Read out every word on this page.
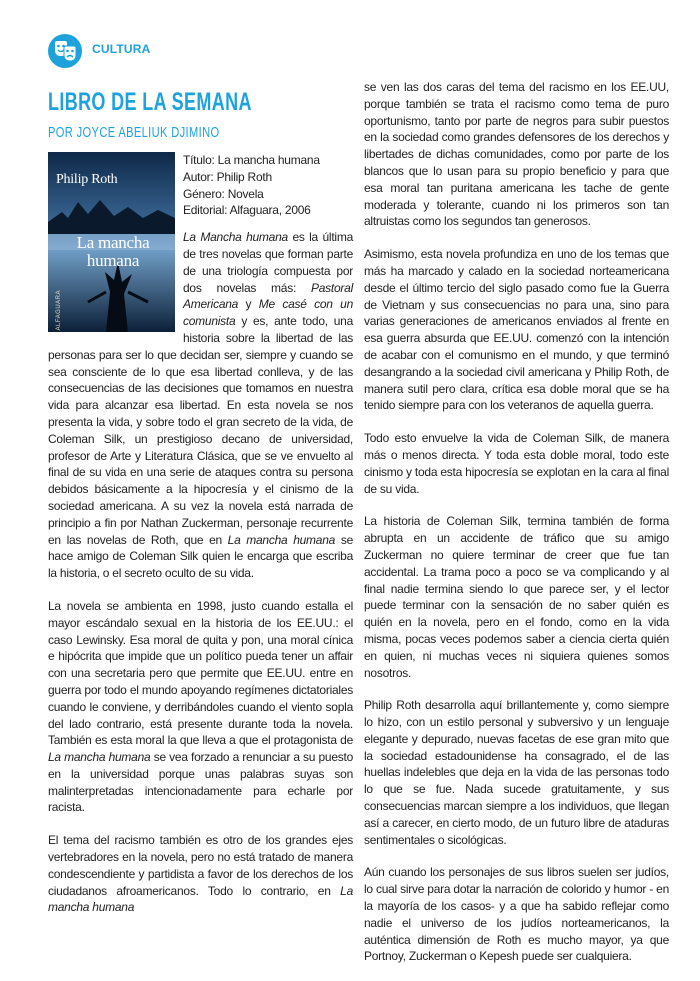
CULTURA
LIBRO DE LA SEMANA
POR JOYCE ABELIUK DJIMINO
Philip Roth
La mancha
humana
ALFAGUARA
Título: La mancha humana
Autor: Philip Roth
Género: Novela
Editorial: Alfaguara, 2006

La Mancha humana es la última de tres novelas que forman parte de una triología compuesta por dos novelas más: Pastoral Americana y Me casé con un comunista y es, ante todo, una historia sobre la libertad de las personas para ser lo que decidan ser, siempre y cuando se sea consciente de lo que esa libertad conlleva, y de las consecuencias de las decisiones que tomamos en nuestra vida para alcanzar esa libertad. En esta novela se nos presenta la vida, y sobre todo el gran secreto de la vida, de Coleman Silk, un prestigioso decano de universidad, profesor de Arte y Literatura Clásica, que se ve envuelto al final de su vida en una serie de ataques contra su persona debidos básicamente a la hipocresía y el cinismo de la sociedad americana. A su vez la novela está narrada de principio a fin por Nathan Zuckerman, personaje recurrente en las novelas de Roth, que en La mancha humana se hace amigo de Coleman Silk quien le encarga que escriba la historia, o el secreto oculto de su vida.

La novela se ambienta en 1998, justo cuando estalla el mayor escándalo sexual en la historia de los EE.UU.: el caso Lewinsky. Esa moral de quita y pon, una moral cínica e hipócrita que impide que un político pueda tener un affair con una secretaria pero que permite que EE.UU. entre en guerra por todo el mundo apoyando regímenes dictatoriales cuando le conviene, y derribándoles cuando el viento sopla del lado contrario, está presente durante toda la novela. También es esta moral la que lleva a que el protagonista de La mancha humana se vea forzado a renunciar a su puesto en la universidad porque unas palabras suyas son malinterpretadas intencionadamente para echarle por racista.

El tema del racismo también es otro de los grandes ejes vertebradores en la novela, pero no está tratado de manera condescendiente y partidista a favor de los derechos de los ciudadanos afroamericanos. Todo lo contrario, en La mancha humana

se ven las dos caras del tema del racismo en los EE.UU, porque también se trata el racismo como tema de puro oportunismo, tanto por parte de negros para subir puestos en la sociedad como grandes defensores de los derechos y libertades de dichas comunidades, como por parte de los blancos que lo usan para su propio beneficio y para que esa moral tan puritana americana les tache de gente moderada y tolerante, cuando ni los primeros son tan altruistas como los segundos tan generosos.

Asimismo, esta novela profundiza en uno de los temas que más ha marcado y calado en la sociedad norteamericana desde el último tercio del siglo pasado como fue la Guerra de Vietnam y sus consecuencias no para una, sino para varias generaciones de americanos enviados al frente en esa guerra absurda que EE.UU. comenzó con la intención de acabar con el comunismo en el mundo, y que terminó desangrando a la sociedad civil americana y Philip Roth, de manera sutil pero clara, crítica esa doble moral que se ha tenido siempre para con los veteranos de aquella guerra.

Todo esto envuelve la vida de Coleman Silk, de manera más o menos directa. Y toda esta doble moral, todo este cinismo y toda esta hipocresía se explotan en la cara al final de su vida.

La historia de Coleman Silk, termina también de forma abrupta en un accidente de tráfico que su amigo Zuckerman no quiere terminar de creer que fue tan accidental. La trama poco a poco se va complicando y al final nadie termina siendo lo que parece ser, y el lector puede terminar con la sensación de no saber quién es quién en la novela, pero en el fondo, como en la vida misma, pocas veces podemos saber a ciencia cierta quién en quien, ni muchas veces ni siquiera quienes somos nosotros.

Philip Roth desarrolla aquí brillantemente y, como siempre lo hizo, con un estilo personal y subversivo y un lenguaje elegante y depurado, nuevas facetas de ese gran mito que la sociedad estadounidense ha consagrado, el de las huellas indelebles que deja en la vida de las personas todo lo que se fue. Nada sucede gratuitamente, y sus consecuencias marcan siempre a los individuos, que llegan así a carecer, en cierto modo, de un futuro libre de ataduras sentimentales o sicológicas.

Aún cuando los personajes de sus libros suelen ser judíos, lo cual sirve para dotar la narración de colorido y humor - en la mayoría de los casos- y a que ha sabido reflejar como nadie el universo de los judíos norteamericanos, la auténtica dimensión de Roth es mucho mayor, ya que Portnoy, Zuckerman o Kepesh puede ser cualquiera.
